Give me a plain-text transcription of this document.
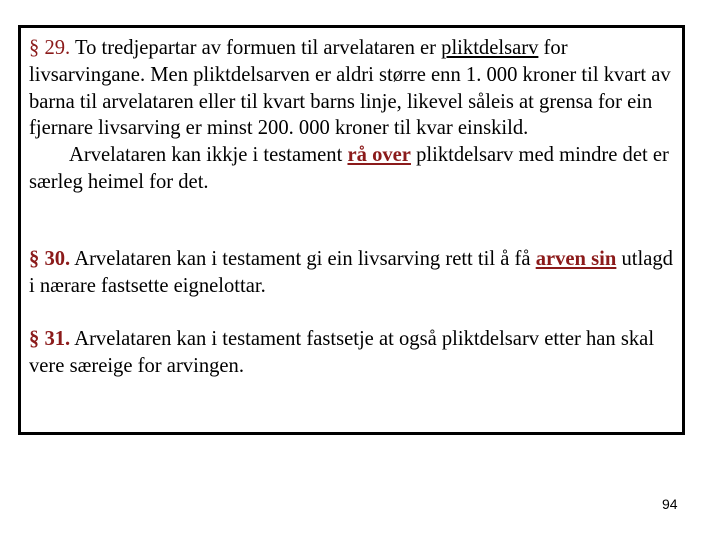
§ 29. To tredjepartar av formuen til arvelataren er pliktdelsarv for livsarvingane. Men pliktdelsarven er aldri større enn 1. 000 kroner til kvart av barna til arvelataren eller til kvart barns linje, likevel såleis at grensa for ein fjernare livsarving er minst 200. 000 kroner til kvar einskild.

Arvelataren kan ikkje i testament rå over pliktdelsarv med mindre det er særleg heimel for det.

§ 30. Arvelataren kan i testament gi ein livsarving rett til å få arven sin utlagd i nærare fastsette eignelottar.

§ 31. Arvelataren kan i testament fastsetje at også pliktdelsarv etter han skal vere særeige for arvingen.

94
